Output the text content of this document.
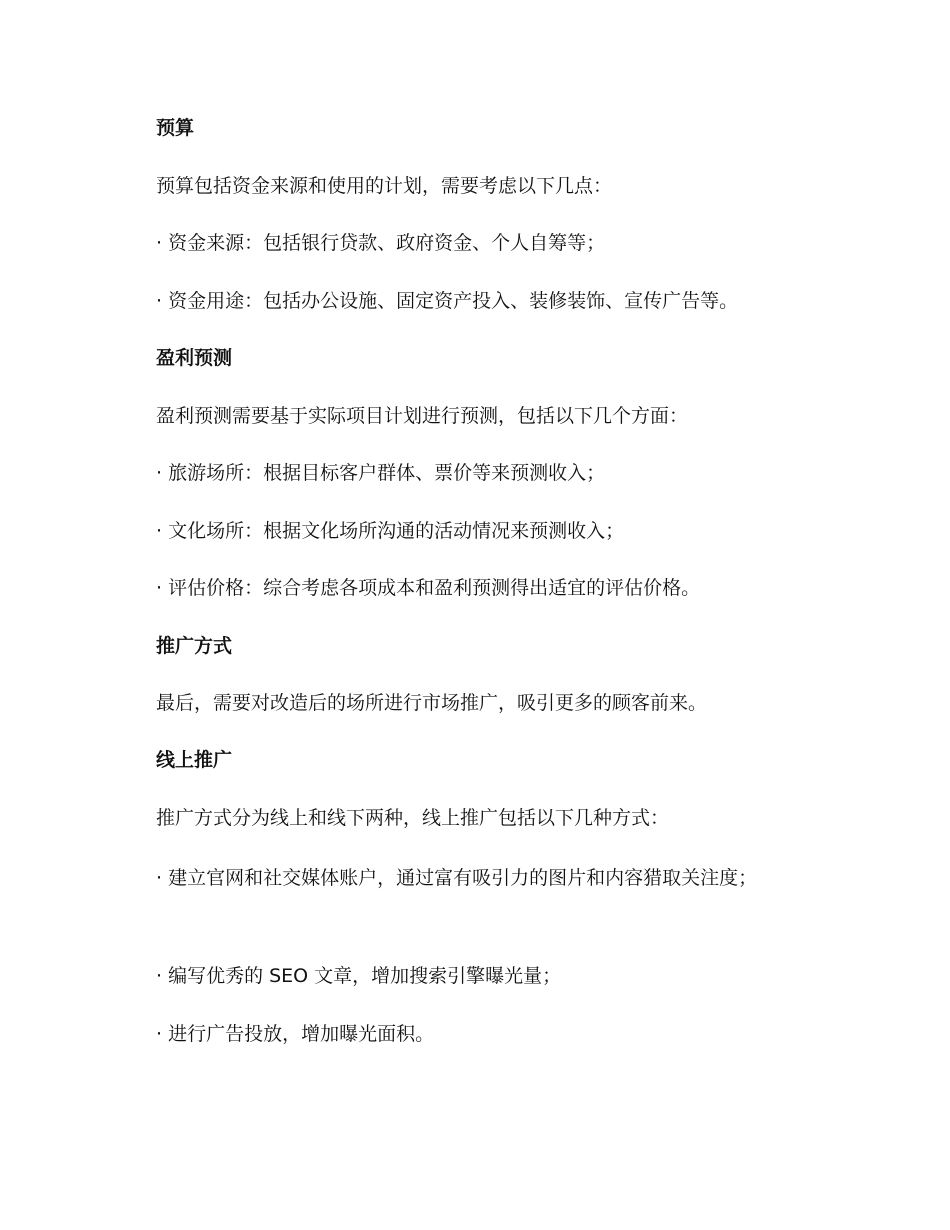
预算

预算包括资金来源和使用的计划，需要考虑以下几点：

· 资金来源：包括银行贷款、政府资金、个人自筹等；

· 资金用途：包括办公设施、固定资产投入、装修装饰、宣传广告等。

盈利预测

盈利预测需要基于实际项目计划进行预测，包括以下几个方面：

· 旅游场所：根据目标客户群体、票价等来预测收入；

· 文化场所：根据文化场所沟通的活动情况来预测收入；

· 评估价格：综合考虑各项成本和盈利预测得出适宜的评估价格。

推广方式

最后，需要对改造后的场所进行市场推广，吸引更多的顾客前来。

线上推广

推广方式分为线上和线下两种，线上推广包括以下几种方式：

· 建立官网和社交媒体账户，通过富有吸引力的图片和内容猎取关注度；

· 编写优秀的 SEO 文章，增加搜索引擎曝光量；

· 进行广告投放，增加曝光面积。
